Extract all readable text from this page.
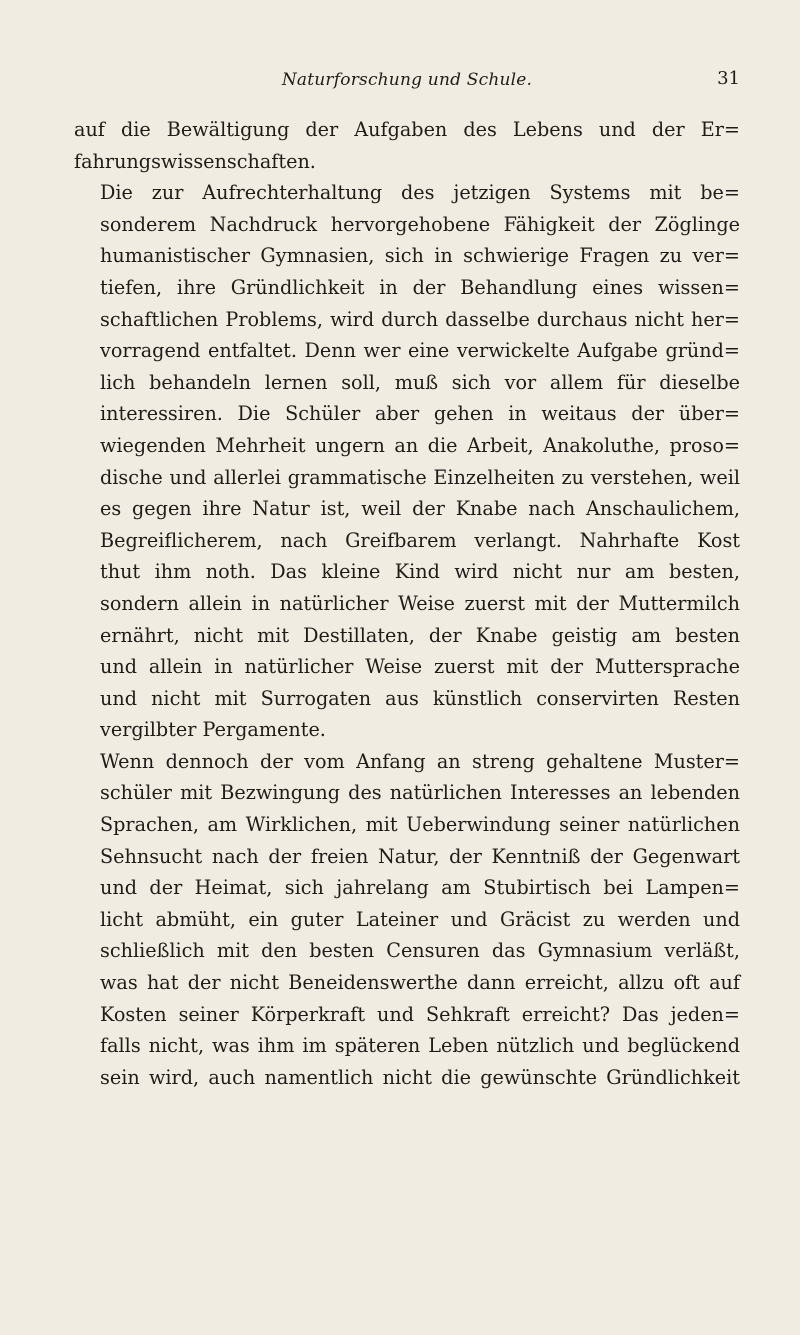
Naturforschung und Schule.	31
auf die Bewältigung der Aufgaben des Lebens und der Er=
fahrungswissenschaften.
Die zur Aufrechterhaltung des jetzigen Systems mit be=
sonderem Nachdruck hervorgehobene Fähigkeit der Zöglinge
humanistischer Gymnasien, sich in schwierige Fragen zu ver=
tiefen, ihre Gründlichkeit in der Behandlung eines wissen=
schaftlichen Problems, wird durch dasselbe durchaus nicht her=
vorragend entfaltet. Denn wer eine verwickelte Aufgabe gründ=
lich behandeln lernen soll, muß sich vor allem für dieselbe
interessiren. Die Schüler aber gehen in weitaus der über=
wiegenden Mehrheit ungern an die Arbeit, Anakoluthe, proso=
dische und allerlei grammatische Einzelheiten zu verstehen, weil
es gegen ihre Natur ist, weil der Knabe nach Anschaulichem,
Begreiflicherem, nach Greifbarem verlangt. Nahrhafte Kost
thut ihm noth. Das kleine Kind wird nicht nur am besten,
sondern allein in natürlicher Weise zuerst mit der Muttermilch
ernährt, nicht mit Destillaten, der Knabe geistig am besten
und allein in natürlicher Weise zuerst mit der Muttersprache
und nicht mit Surrogaten aus künstlich conservirten Resten
vergilbter Pergamente.
Wenn dennoch der vom Anfang an streng gehaltene Muster=
schüler mit Bezwingung des natürlichen Interesses an lebenden
Sprachen, am Wirklichen, mit Ueberwindung seiner natürlichen
Sehnsucht nach der freien Natur, der Kenntniß der Gegenwart
und der Heimat, sich jahrelang am Stubirtisch bei Lampen=
licht abmüht, ein guter Lateiner und Gräcist zu werden und
schließlich mit den besten Censuren das Gymnasium verläßt,
was hat der nicht Beneidenswerthe dann erreicht, allzu oft auf
Kosten seiner Körperkraft und Sehkraft erreicht? Das jeden=
falls nicht, was ihm im späteren Leben nützlich und beglückend
sein wird, auch namentlich nicht die gewünschte Gründlichkeit
